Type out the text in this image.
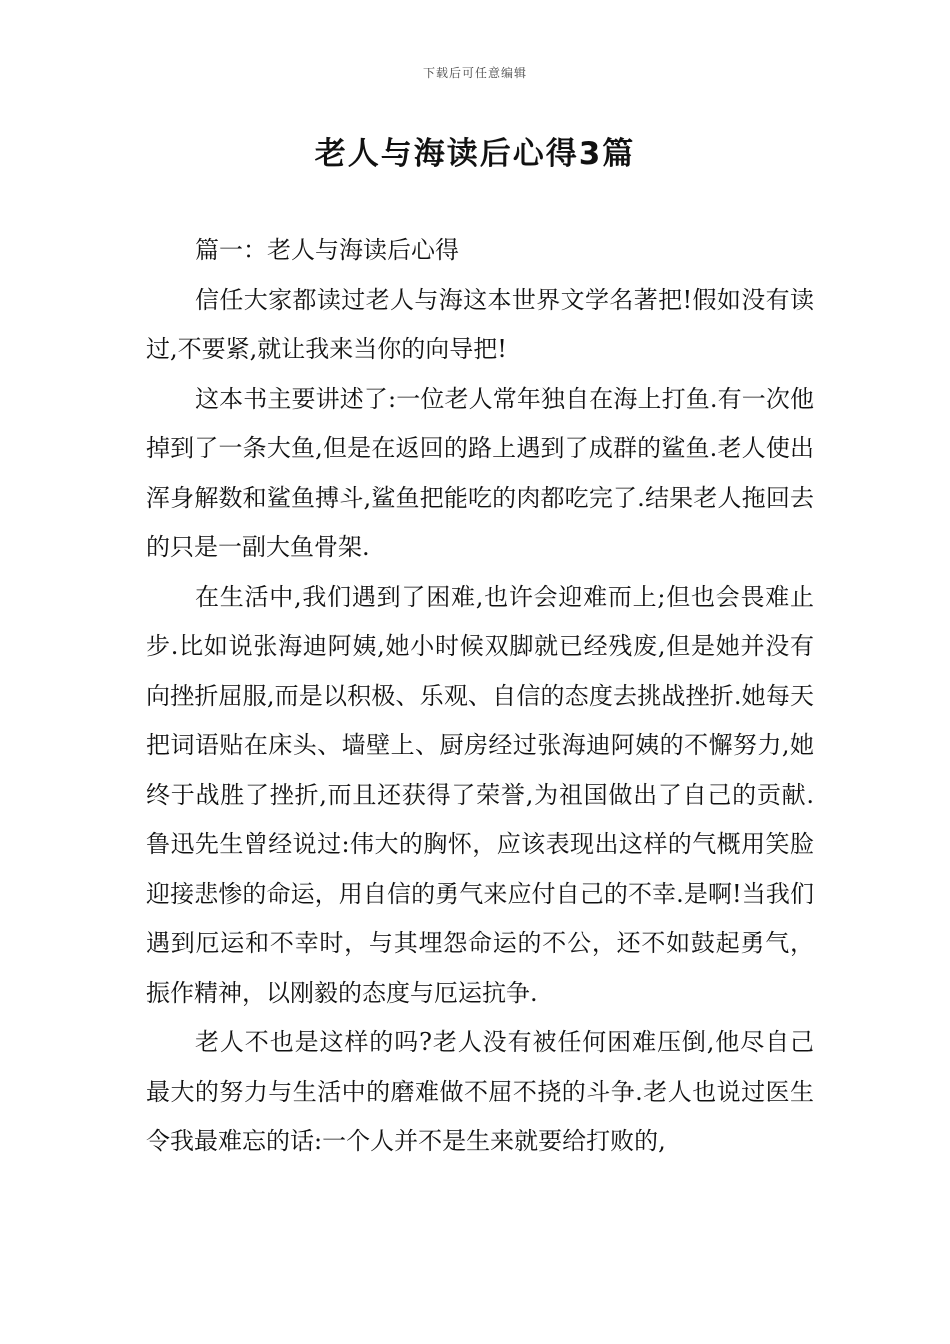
下载后可任意编辑
老人与海读后心得3篇

篇一：老人与海读后心得

信任大家都读过老人与海这本世界文学名著把!假如没有读过,不要紧,就让我来当你的向导把!

这本书主要讲述了:一位老人常年独自在海上打鱼.有一次他掉到了一条大鱼,但是在返回的路上遇到了成群的鲨鱼.老人使出浑身解数和鲨鱼搏斗,鲨鱼把能吃的肉都吃完了.结果老人拖回去的只是一副大鱼骨架.

在生活中,我们遇到了困难,也许会迎难而上;但也会畏难止步.比如说张海迪阿姨,她小时候双脚就已经残废,但是她并没有向挫折屈服,而是以积极、乐观、自信的态度去挑战挫折.她每天把词语贴在床头、墙壁上、厨房经过张海迪阿姨的不懈努力,她终于战胜了挫折,而且还获得了荣誉,为祖国做出了自己的贡献.鲁迅先生曾经说过:伟大的胸怀，应该表现出这样的气概用笑脸迎接悲惨的命运，用自信的勇气来应付自己的不幸.是啊!当我们遇到厄运和不幸时，与其埋怨命运的不公，还不如鼓起勇气，振作精神，以刚毅的态度与厄运抗争.

老人不也是这样的吗?老人没有被任何困难压倒,他尽自己最大的努力与生活中的磨难做不屈不挠的斗争.老人也说过医生令我最难忘的话:一个人并不是生来就要给打败的,
